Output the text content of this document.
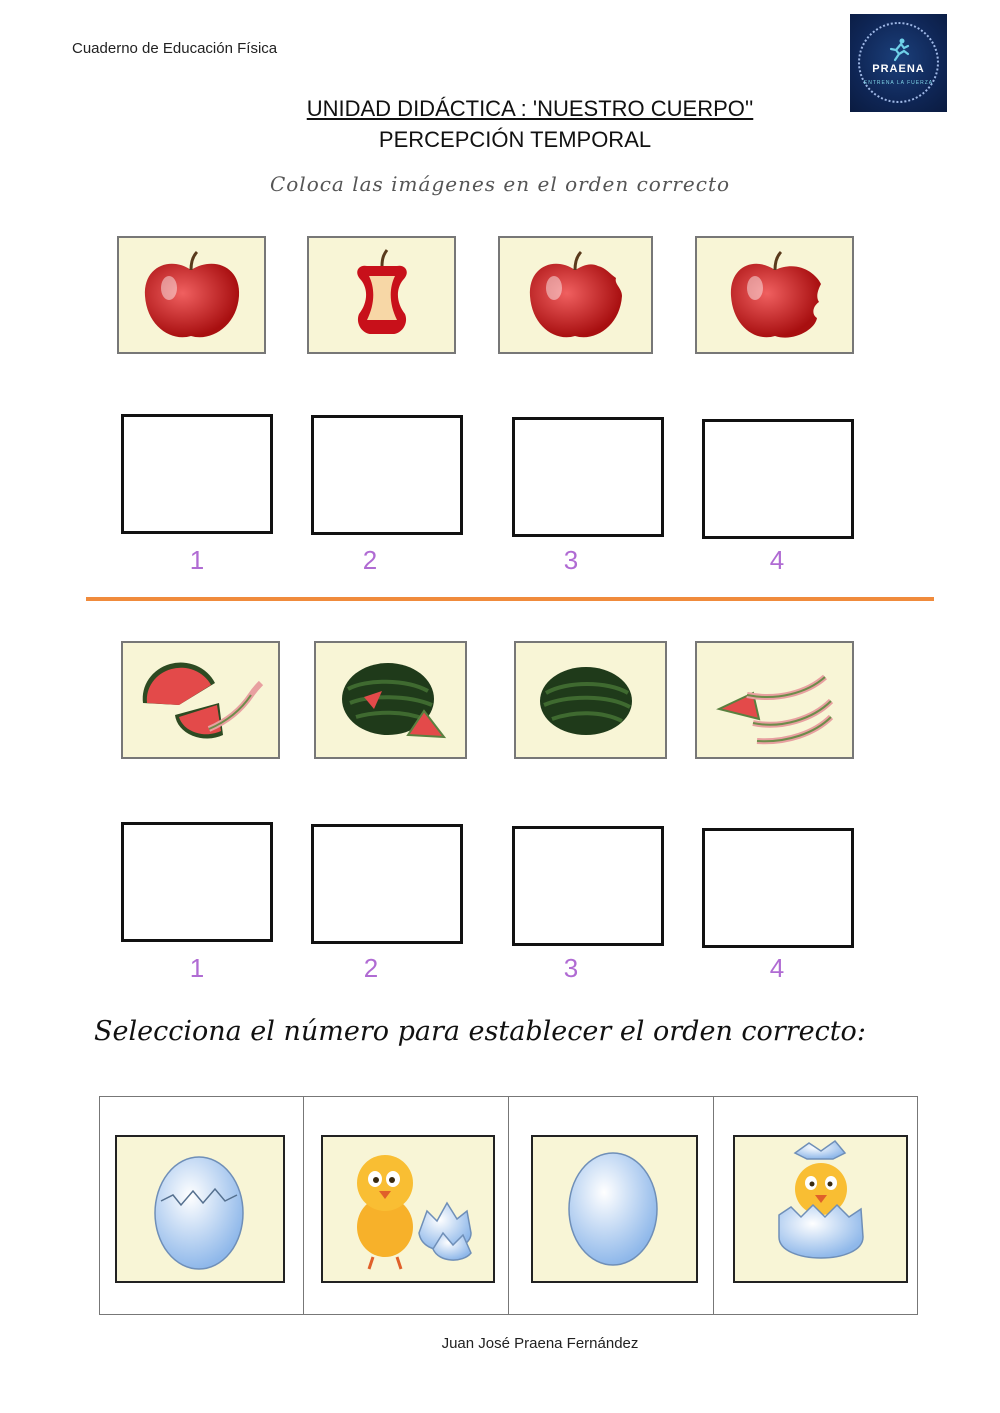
Cuaderno de Educación Física
PRAENA
ENTRENA LA FUERZA
UNIDAD DIDÁCTICA : 'NUESTRO CUERPO''
PERCEPCIÓN TEMPORAL
Coloca las imágenes en el orden correcto
1	2	3	4
1	2	3	4
Selecciona el número para establecer el orden correcto:
Juan José Praena Fernández
